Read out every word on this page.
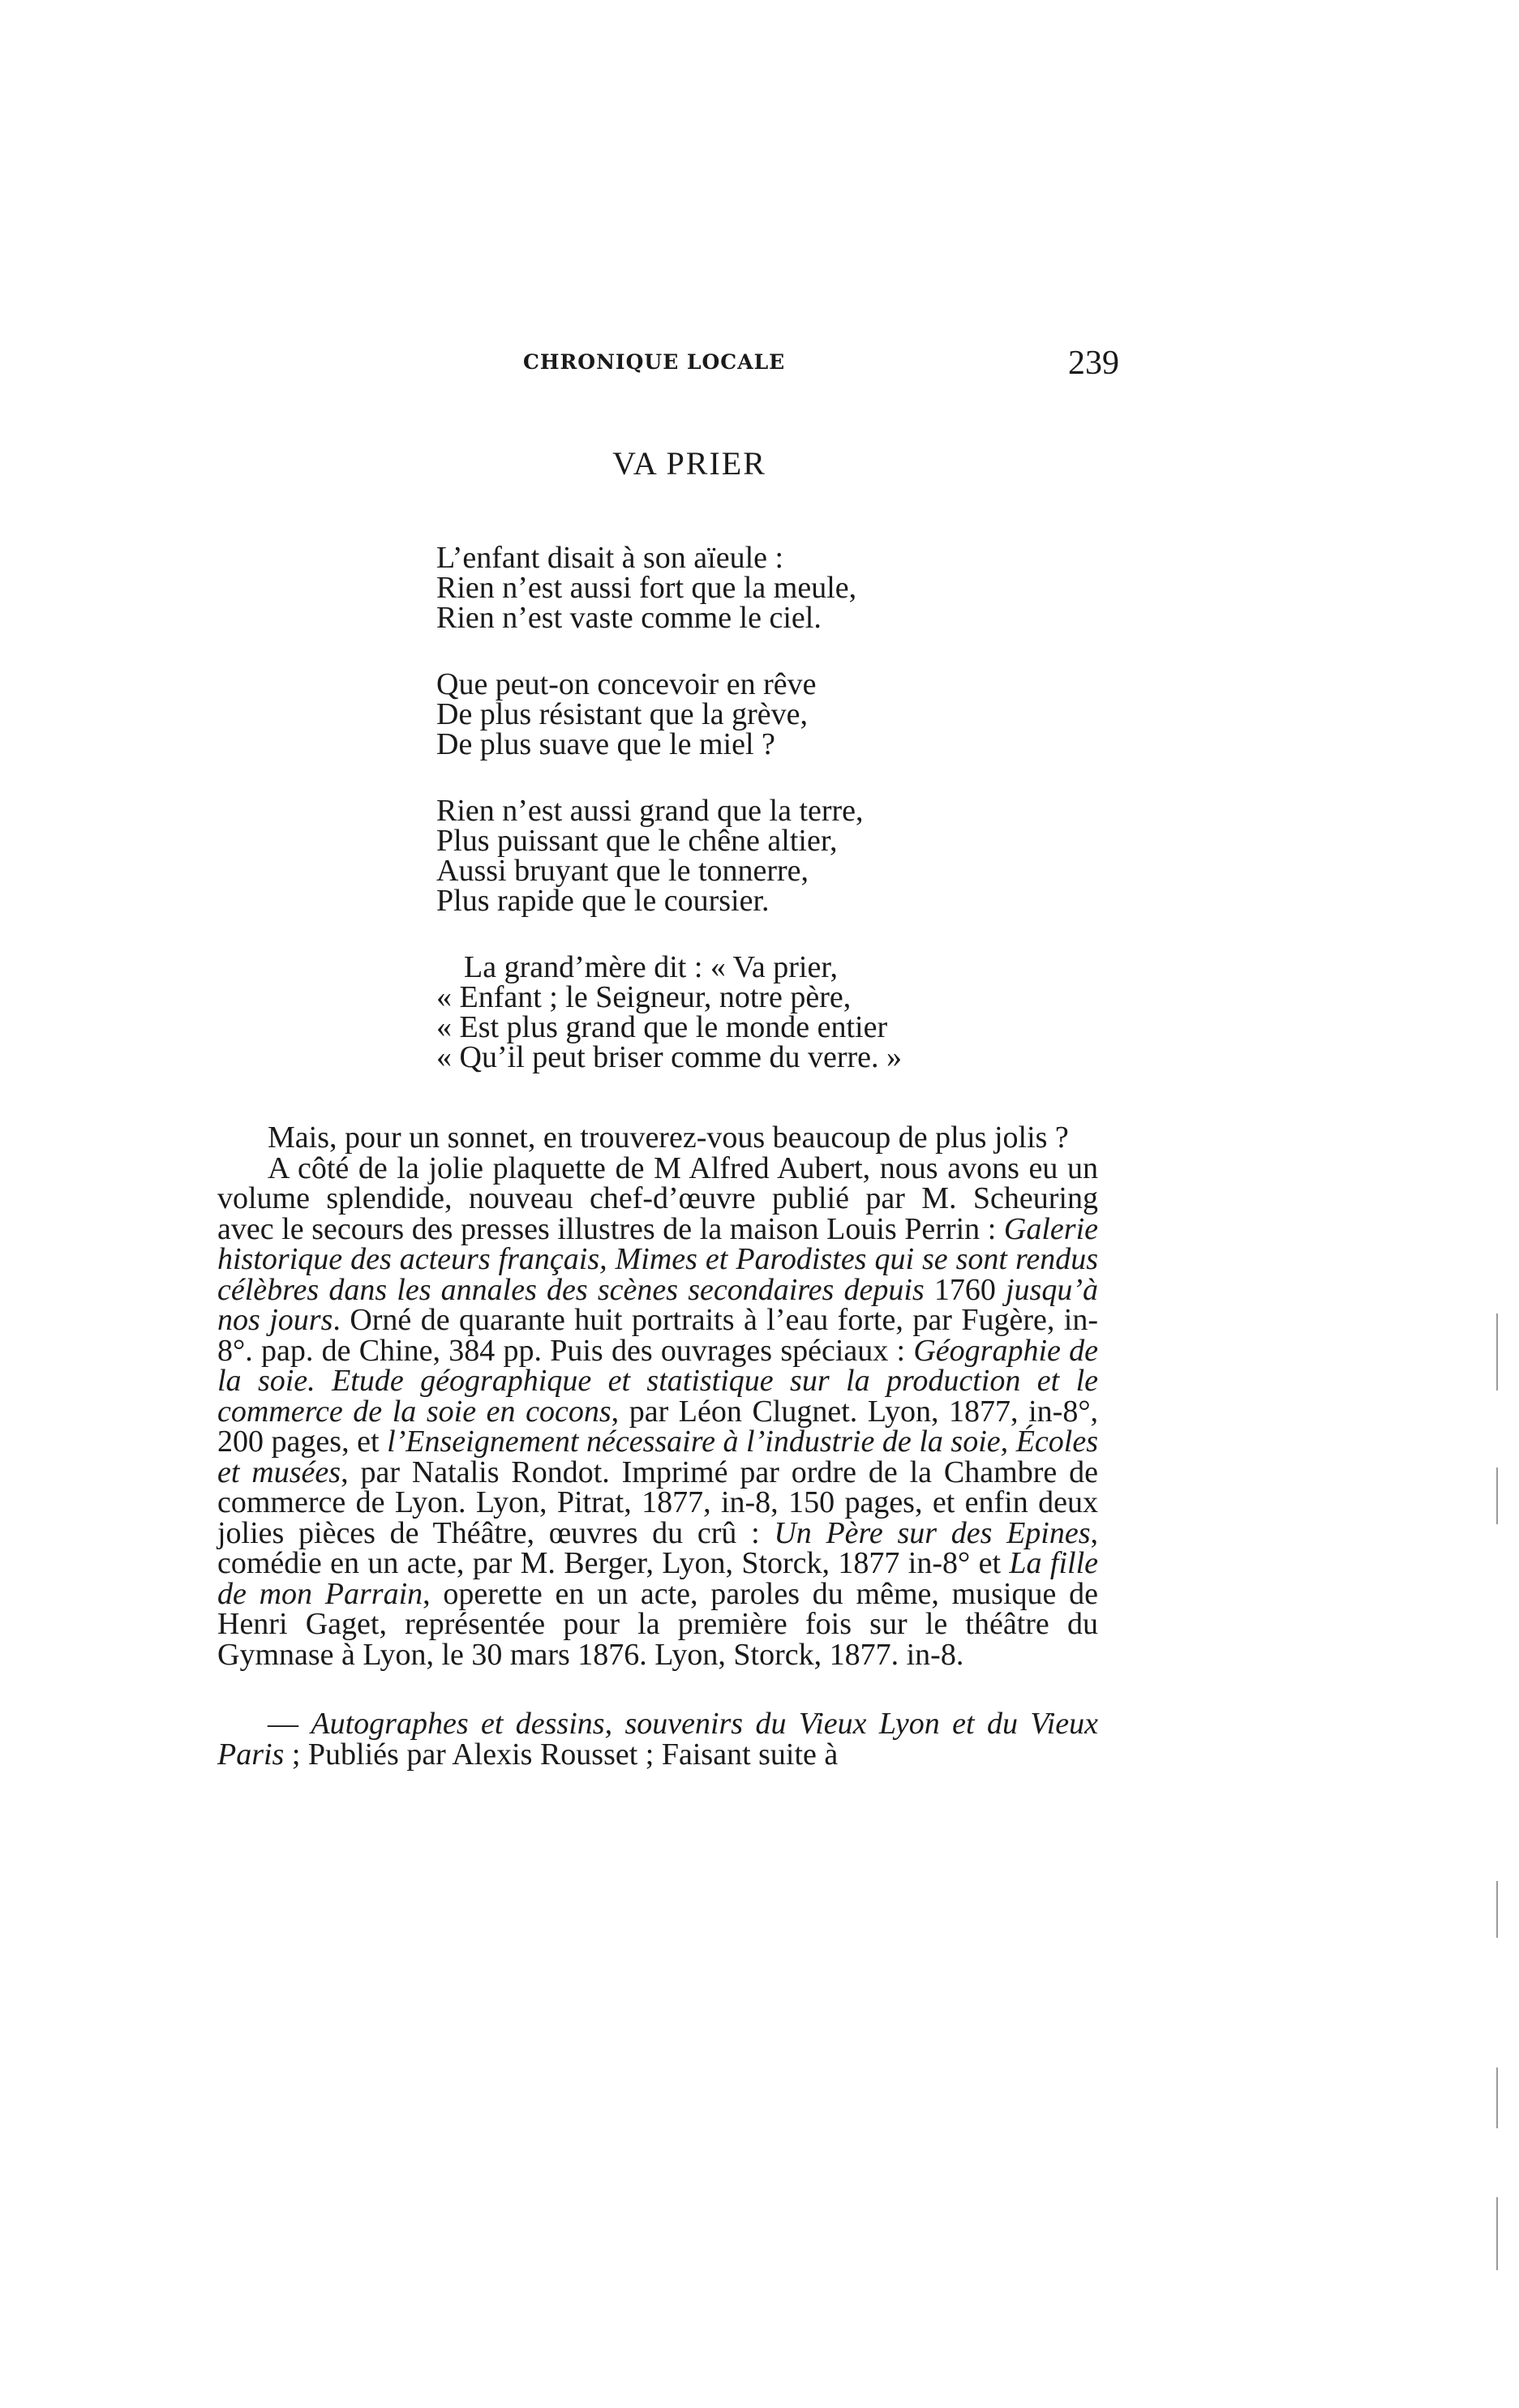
CHRONIQUE LOCALE	239
VA PRIER
L’enfant disait à son aïeule :
Rien n’est aussi fort que la meule,
Rien n’est vaste comme le ciel.
Que peut-on concevoir en rêve
De plus résistant que la grève,
De plus suave que le miel ?
Rien n’est aussi grand que la terre,
Plus puissant que le chêne altier,
Aussi bruyant que le tonnerre,
Plus rapide que le coursier.
La grand’mère dit : « Va prier,
« Enfant ; le Seigneur, notre père,
« Est plus grand que le monde entier
« Qu’il peut briser comme du verre. »

Mais, pour un sonnet, en trouverez-vous beaucoup de plus jolis ?

A côté de la jolie plaquette de M Alfred Aubert, nous avons eu un volume splendide, nouveau chef-d’œuvre publié par M. Scheuring avec le secours des presses illustres de la maison Louis Perrin : Galerie historique des acteurs français, Mimes et Parodistes qui se sont rendus célèbres dans les annales des scènes secondaires depuis 1760 jusqu’à nos jours. Orné de quarante huit portraits à l’eau forte, par Fugère, in-8°. pap. de Chine, 384 pp. Puis des ouvrages spéciaux : Géographie de la soie. Etude géographique et statistique sur la production et le commerce de la soie en cocons, par Léon Clugnet. Lyon, 1877, in-8°, 200 pages, et l’Enseignement nécessaire à l’industrie de la soie, Écoles et musées, par Natalis Rondot. Imprimé par ordre de la Chambre de commerce de Lyon. Lyon, Pitrat, 1877, in-8, 150 pages, et enfin deux jolies pièces de Théâtre, œuvres du crû : Un Père sur des Epines, comédie en un acte, par M. Berger, Lyon, Storck, 1877 in-8° et La fille de mon Parrain, operette en un acte, paroles du même, musique de Henri Gaget, représentée pour la première fois sur le théâtre du Gymnase à Lyon, le 30 mars 1876. Lyon, Storck, 1877. in-8.

— Autographes et dessins, souvenirs du Vieux Lyon et du Vieux Paris ; Publiés par Alexis Rousset ; Faisant suite à
